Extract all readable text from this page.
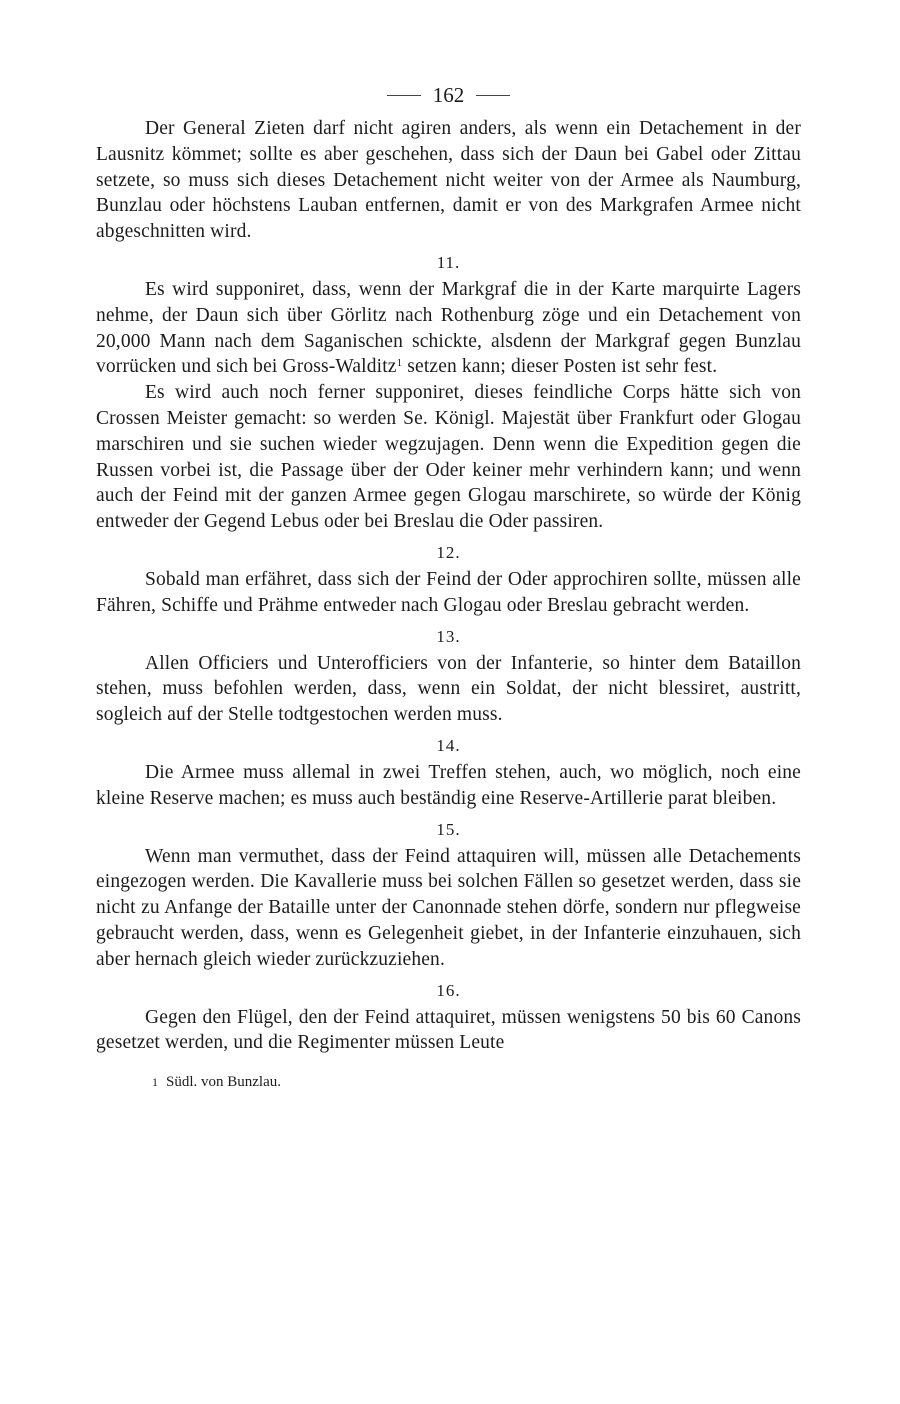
162

Der General Zieten darf nicht agiren anders, als wenn ein Detachement in der Lausnitz kömmet; sollte es aber geschehen, dass sich der Daun bei Gabel oder Zittau setzete, so muss sich dieses Detachement nicht weiter von der Armee als Naumburg, Bunzlau oder höchstens Lauban entfernen, damit er von des Markgrafen Armee nicht abgeschnitten wird.

11.

Es wird supponiret, dass, wenn der Markgraf die in der Karte marquirte Lagers nehme, der Daun sich über Görlitz nach Rothenburg zöge und ein Detachement von 20,000 Mann nach dem Saganischen schickte, alsdenn der Markgraf gegen Bunzlau vorrücken und sich bei Gross-Walditz$^1$ setzen kann; dieser Posten ist sehr fest.

Es wird auch noch ferner supponiret, dieses feindliche Corps hätte sich von Crossen Meister gemacht: so werden Se. Königl. Majestät über Frankfurt oder Glogau marschiren und sie suchen wieder wegzujagen. Denn wenn die Expedition gegen die Russen vorbei ist, die Passage über der Oder keiner mehr verhindern kann; und wenn auch der Feind mit der ganzen Armee gegen Glogau marschirete, so würde der König entweder der Gegend Lebus oder bei Breslau die Oder passiren.

12.

Sobald man erfähret, dass sich der Feind der Oder approchiren sollte, müssen alle Fähren, Schiffe und Prähme entweder nach Glogau oder Breslau gebracht werden.

13.

Allen Officiers und Unterofficiers von der Infanterie, so hinter dem Bataillon stehen, muss befohlen werden, dass, wenn ein Soldat, der nicht blessiret, austritt, sogleich auf der Stelle todtgestochen werden muss.

14.

Die Armee muss allemal in zwei Treffen stehen, auch, wo möglich, noch eine kleine Reserve machen; es muss auch beständig eine Reserve-Artillerie parat bleiben.

15.

Wenn man vermuthet, dass der Feind attaquiren will, müssen alle Detachements eingezogen werden. Die Kavallerie muss bei solchen Fällen so gesetzet werden, dass sie nicht zu Anfange der Bataille unter der Canonnade stehen dörfe, sondern nur pflegweise gebraucht werden, dass, wenn es Gelegenheit giebet, in der Infanterie einzuhauen, sich aber hernach gleich wieder zurückzuziehen.

16.

Gegen den Flügel, den der Feind attaquiret, müssen wenigstens 50 bis 60 Canons gesetzet werden, und die Regimenter müssen Leute

1 Südl. von Bunzlau.
